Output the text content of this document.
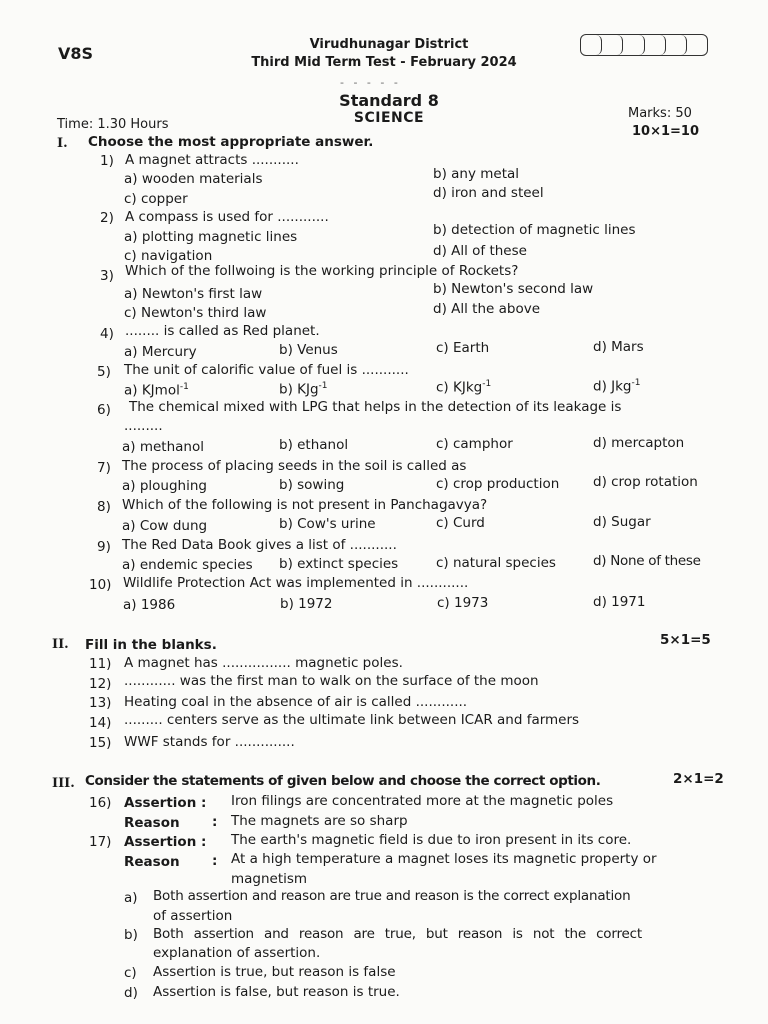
V8S	Virudhunagar District
Third Mid Term Test - February 2024
- - - - -
Standard 8
SCIENCE
Time: 1.30 Hours
Marks: 50
I. Choose the most appropriate answer.
10×1=10
1) A magnet attracts ...........
a) wooden materials	b) any metal
c) copper	d) iron and steel
2) A compass is used for ............
a) plotting magnetic lines	b) detection of magnetic lines
c) navigation	d) All of these
3) Which of the follwoing is the working principle of Rockets?
a) Newton's first law	b) Newton's second law
c) Newton's third law	d) All the above
4) ........ is called as Red planet.
a) Mercury	b) Venus	c) Earth	d) Mars
5) The unit of calorific value of fuel is ...........
a) KJmol$^{-1}$	b) KJg$^{-1}$	c) KJkg$^{-1}$	d) Jkg$^{-1}$
6) The chemical mixed with LPG that helps in the detection of its leakage is
.........
a) methanol	b) ethanol	c) camphor	d) mercapton
7) The process of placing seeds in the soil is called as
a) ploughing	b) sowing	c) crop production d) crop rotation
8) Which of the following is not present in Panchagavya?
a) Cow dung	b) Cow's urine	c) Curd	d) Sugar
9) The Red Data Book gives a list of ...........
a) endemic species b) extinct species	c) natural species	d) None of these
10) Wildlife Protection Act was implemented in ............
a) 1986	b) 1972	c) 1973	d) 1971
II. Fill in the blanks.	5×1=5
11) A magnet has ................ magnetic poles.
12) ............ was the first man to walk on the surface of the moon
13) Heating coal in the absence of air is called ............
14) ......... centers serve as the ultimate link between ICAR and farmers
15) WWF stands for ..............
III. Consider the statements of given below and choose the correct option.	2×1=2
16) Assertion : Iron filings are concentrated more at the magnetic poles
Reason : The magnets are so sharp
17) Assertion : The earth's magnetic field is due to iron present in its core.
Reason : At a high temperature a magnet loses its magnetic property or
magnetism
a) Both assertion and reason are true and reason is the correct explanation
of assertion
b) Both assertion and reason are true, but reason is not the correct
explanation of assertion.
c) Assertion is true, but reason is false
d) Assertion is false, but reason is true.
